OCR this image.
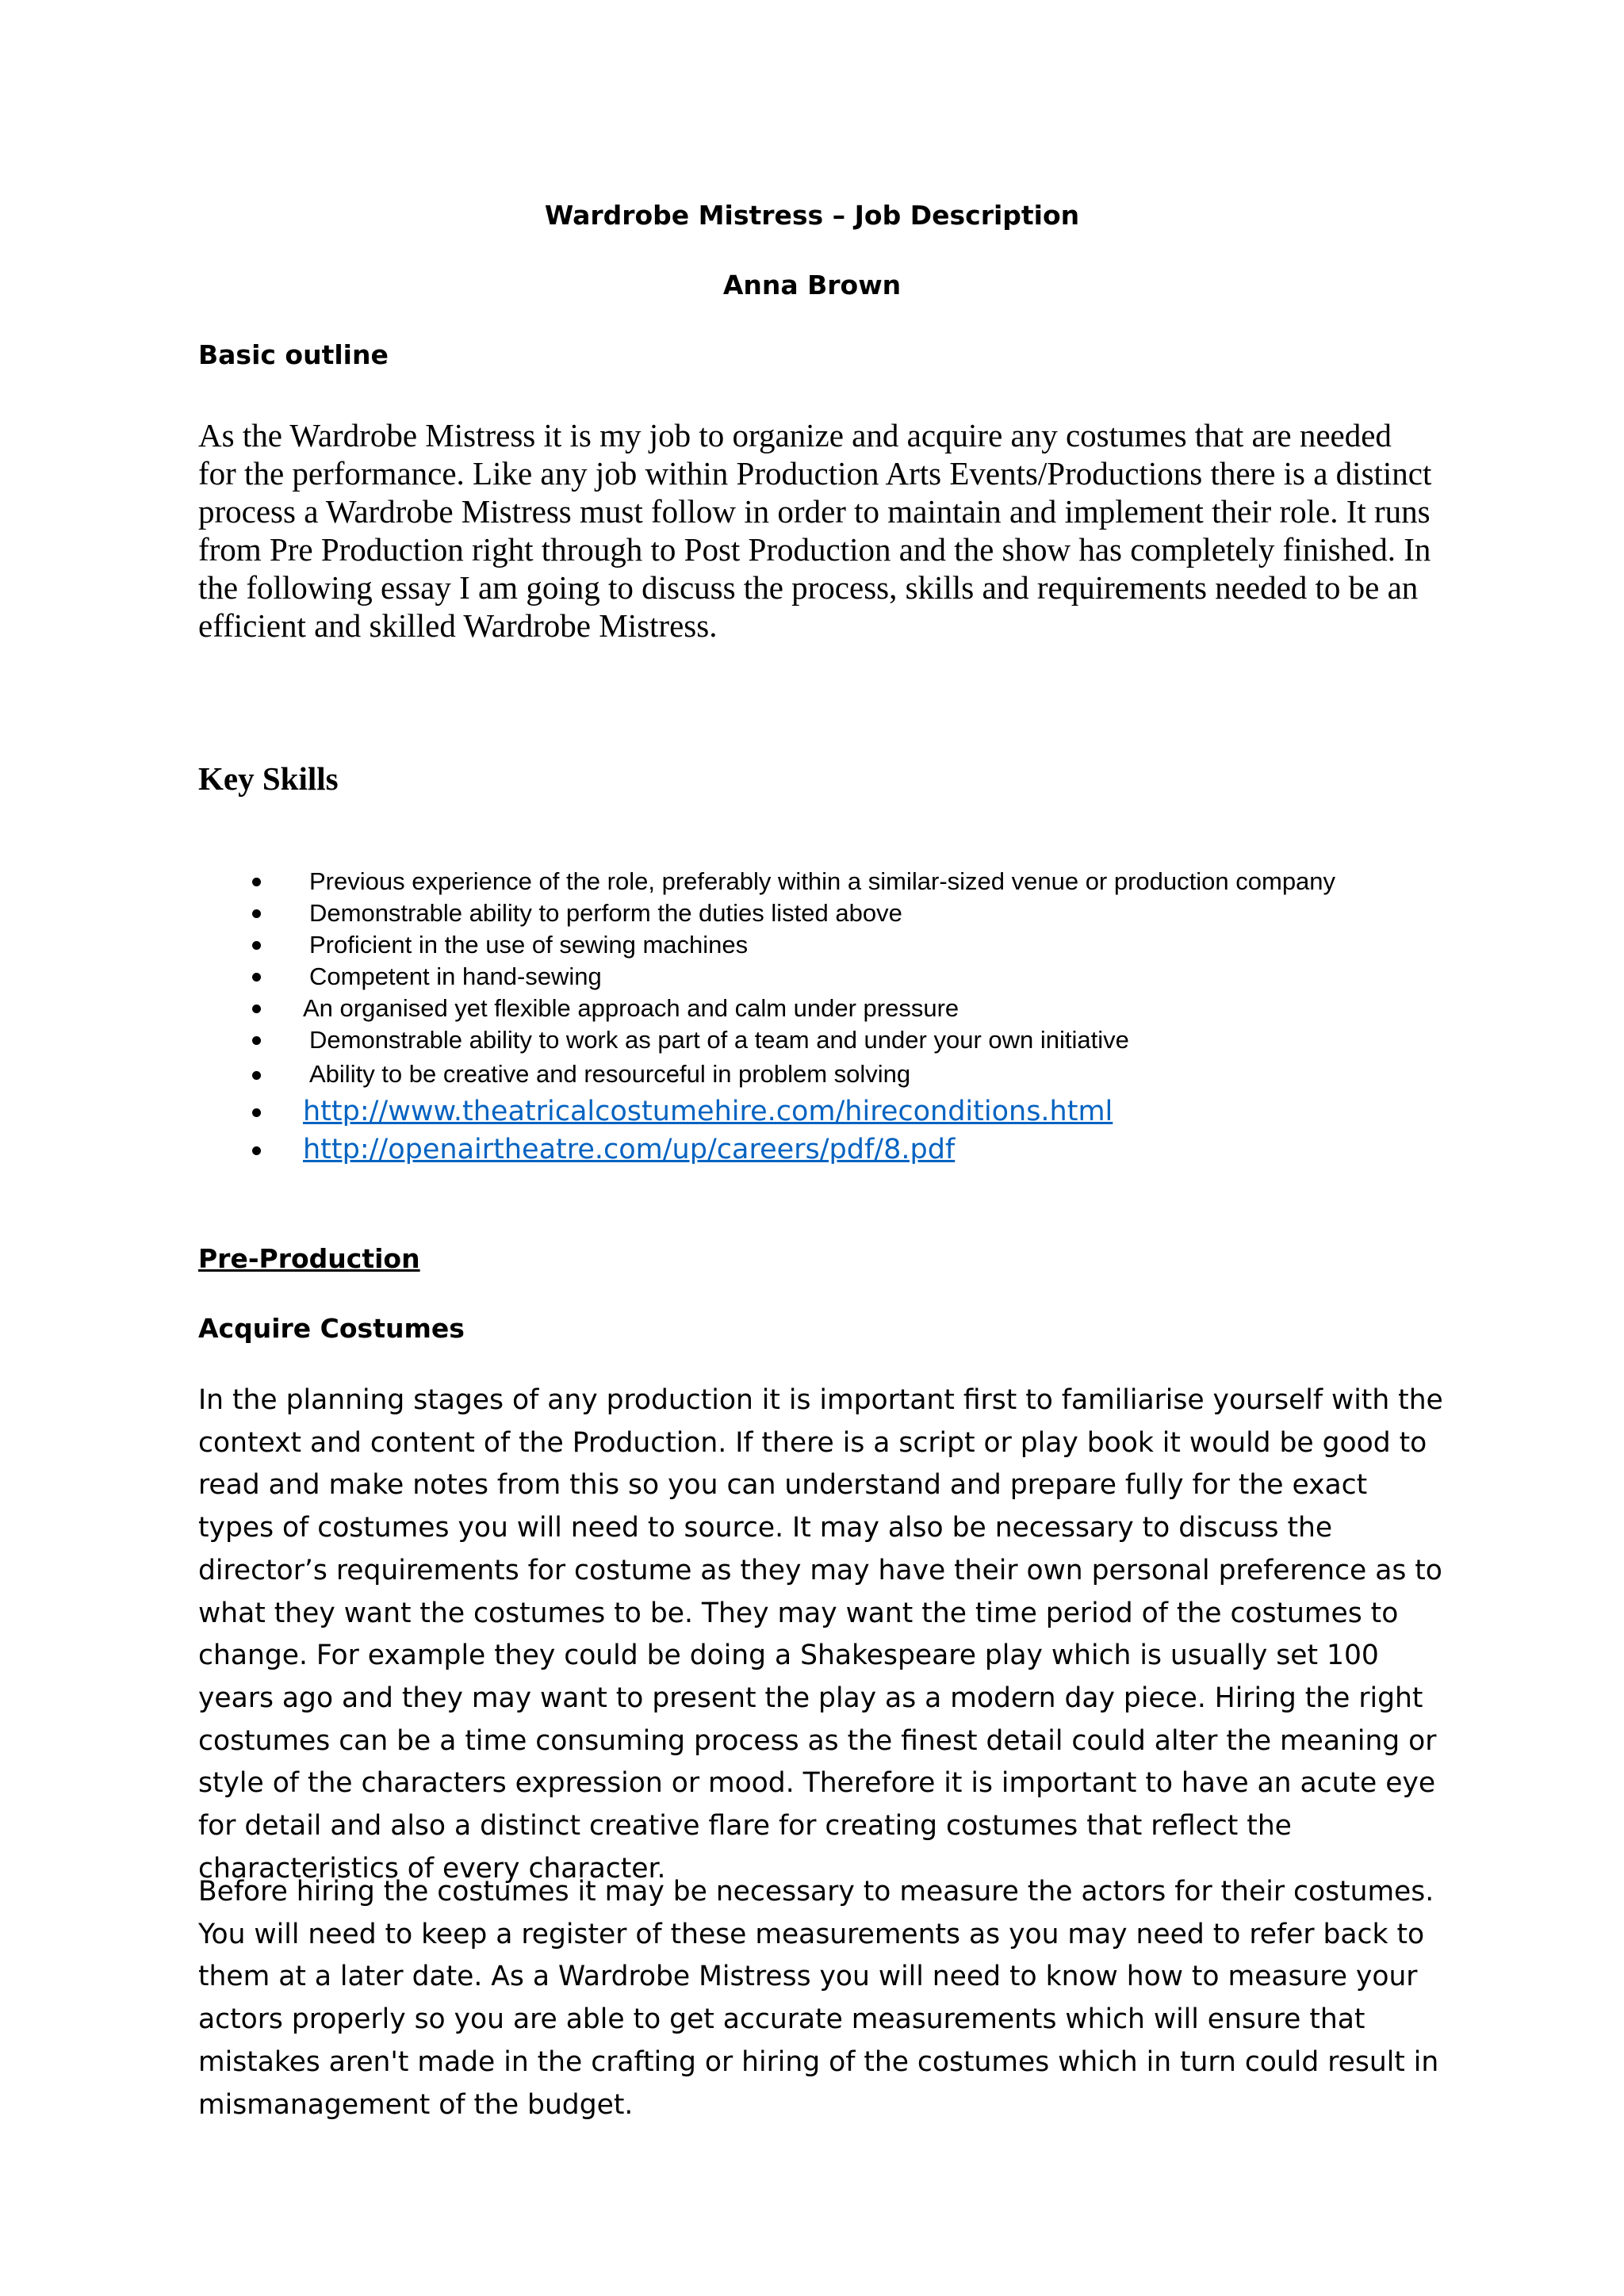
Wardrobe Mistress – Job Description
Anna Brown
Basic outline
As the Wardrobe Mistress it is my job to organize and acquire any costumes that are needed for the performance. Like any job within Production Arts Events/Productions there is a distinct process a Wardrobe Mistress must follow in order to maintain and implement their role. It runs from Pre Production right through to Post Production and the show has completely finished. In the following essay I am going to discuss the process, skills and requirements needed to be an efficient and skilled Wardrobe Mistress.
Key Skills
Previous experience of the role, preferably within a similar-sized venue or production company
Demonstrable ability to perform the duties listed above
Proficient in the use of sewing machines
Competent in hand-sewing
An organised yet flexible approach and calm under pressure
Demonstrable ability to work as part of a team and under your own initiative
Ability to be creative and resourceful in problem solving
http://www.theatricalcostumehire.com/hireconditions.html
http://openairtheatre.com/up/careers/pdf/8.pdf
Pre-Production
Acquire Costumes
In the planning stages of any production it is important first to familiarise yourself with the context and content of the Production. If there is a script or play book it would be good to read and make notes from this so you can understand and prepare fully for the exact types of costumes you will need to source. It may also be necessary to discuss the director’s requirements for costume as they may have their own personal preference as to what they want the costumes to be. They may want the time period of the costumes to change. For example they could be doing a Shakespeare play which is usually set 100 years ago and they may want to present the play as a modern day piece. Hiring the right costumes can be a time consuming process as the finest detail could alter the meaning or style of the characters expression or mood. Therefore it is important to have an acute eye for detail and also a distinct creative flare for creating costumes that reflect the characteristics of every character.
Before hiring the costumes it may be necessary to measure the actors for their costumes. You will need to keep a register of these measurements as you may need to refer back to them at a later date. As a Wardrobe Mistress you will need to know how to measure your actors properly so you are able to get accurate measurements which will ensure that mistakes aren't made in the crafting or hiring of the costumes which in turn could result in mismanagement of the budget.
